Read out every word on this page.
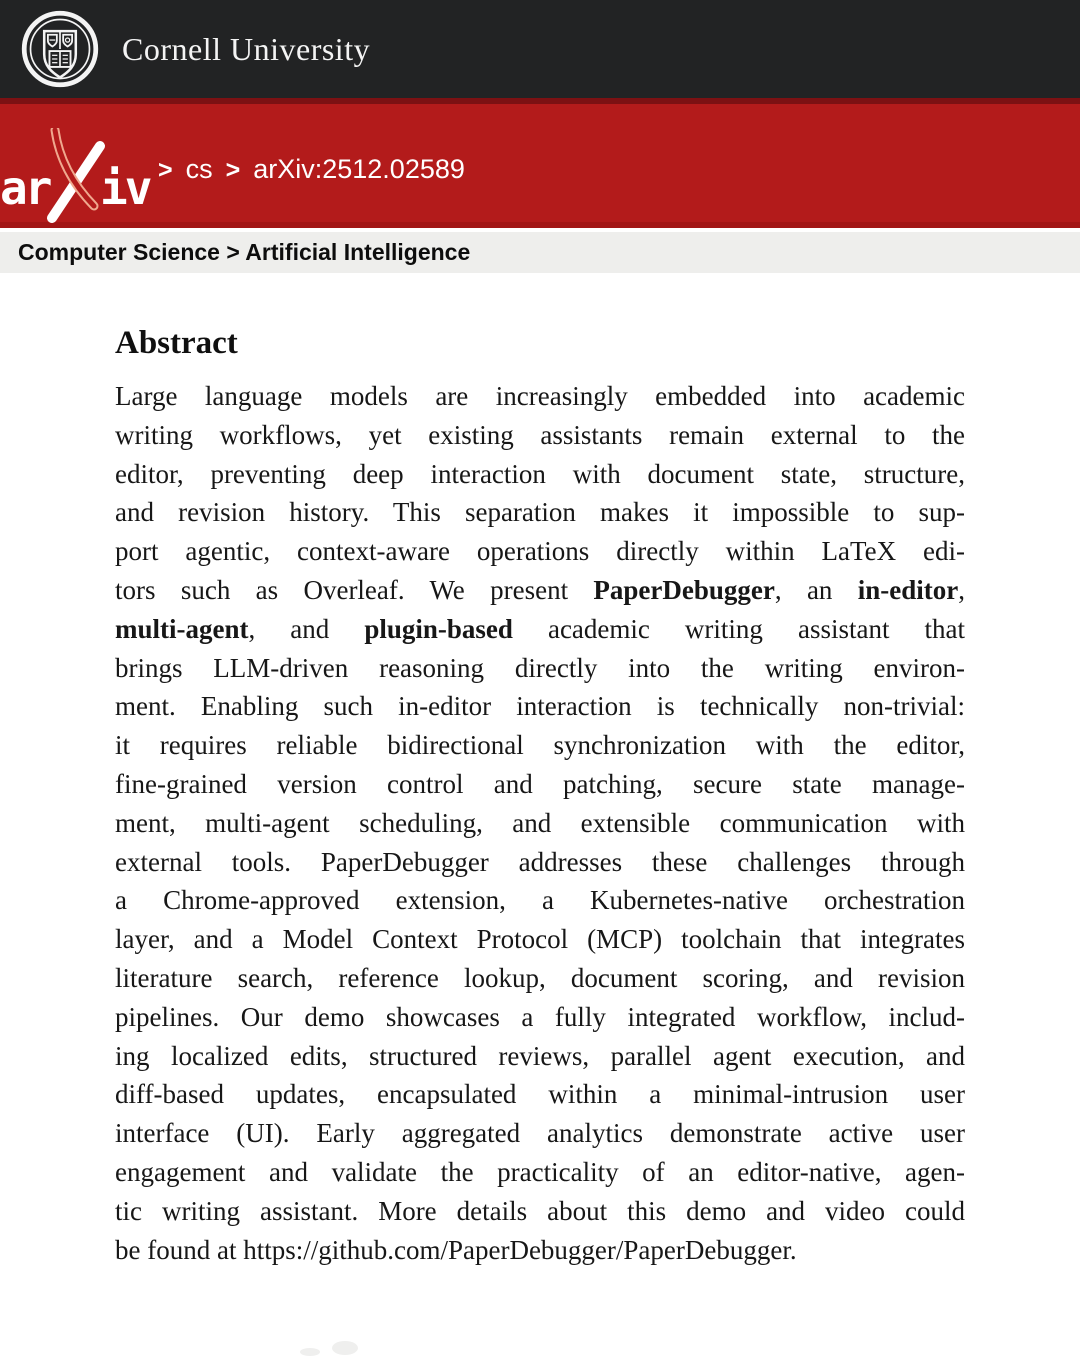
Cornell University
ar iv > cs > arXiv:2512.02589
Computer Science > Artificial Intelligence
Abstract
Large language models are increasingly embedded into academic
writing workflows, yet existing assistants remain external to the
editor, preventing deep interaction with document state, structure,
and revision history. This separation makes it impossible to sup-
port agentic, context-aware operations directly within LaTeX edi-
tors such as Overleaf. We present PaperDebugger, an in-editor,
multi-agent, and plugin-based academic writing assistant that
brings LLM-driven reasoning directly into the writing environ-
ment. Enabling such in-editor interaction is technically non-trivial:
it requires reliable bidirectional synchronization with the editor,
fine-grained version control and patching, secure state manage-
ment, multi-agent scheduling, and extensible communication with
external tools. PaperDebugger addresses these challenges through
a Chrome-approved extension, a Kubernetes-native orchestration
layer, and a Model Context Protocol (MCP) toolchain that integrates
literature search, reference lookup, document scoring, and revision
pipelines. Our demo showcases a fully integrated workflow, includ-
ing localized edits, structured reviews, parallel agent execution, and
diff-based updates, encapsulated within a minimal-intrusion user
interface (UI). Early aggregated analytics demonstrate active user
engagement and validate the practicality of an editor-native, agen-
tic writing assistant. More details about this demo and video could
be found at https://github.com/PaperDebugger/PaperDebugger.
